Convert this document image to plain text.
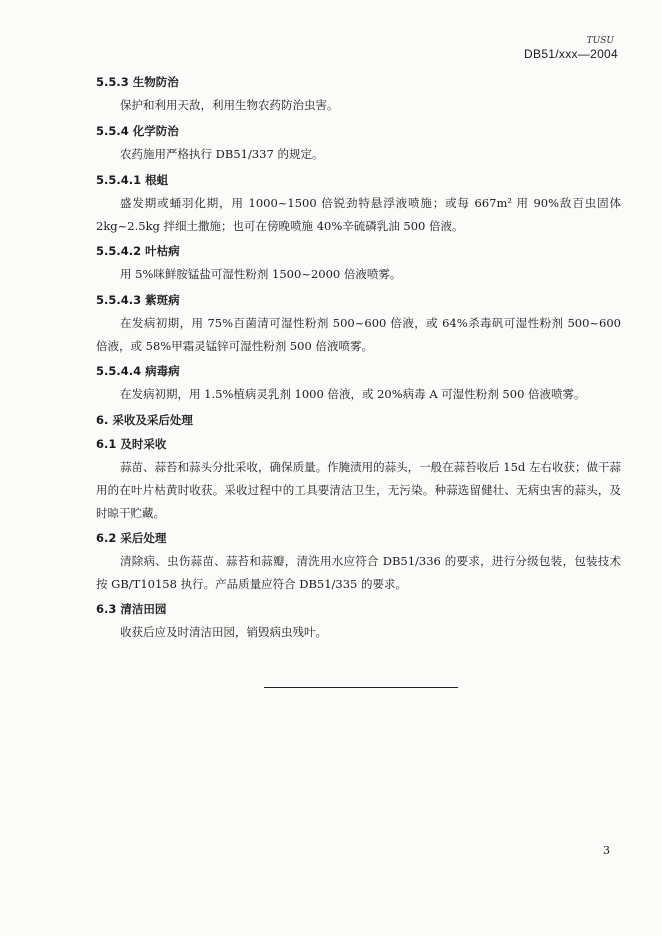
TUSU
DB51/xxx—2004
5.5.3 生物防治

保护和利用天敌，利用生物农药防治虫害。

5.5.4 化学防治

农药施用严格执行 DB51/337 的规定。

5.5.4.1 根蛆

盛发期或蛹羽化期，用 1000~1500 倍锐劲特悬浮液喷施；或每 667m² 用 90%敌百虫固体 2kg~2.5kg 拌细土撒施；也可在傍晚喷施 40%辛硫磷乳油 500 倍液。

5.5.4.2 叶枯病

用 5%咪鲜胺锰盐可湿性粉剂 1500~2000 倍液喷雾。

5.5.4.3 紫斑病

在发病初期，用 75%百菌清可湿性粉剂 500~600 倍液，或 64%杀毒矾可湿性粉剂 500~600 倍液，或 58%甲霜灵锰锌可湿性粉剂 500 倍液喷雾。

5.5.4.4 病毒病

在发病初期，用 1.5%植病灵乳剂 1000 倍液，或 20%病毒 A 可湿性粉剂 500 倍液喷雾。

6. 采收及采后处理
6.1 及时采收

蒜苗、蒜苔和蒜头分批采收，确保质量。作腌渍用的蒜头，一般在蒜苔收后 15d 左右收获；做干蒜用的在叶片枯黄时收获。采收过程中的工具要清洁卫生，无污染。种蒜选留健壮、无病虫害的蒜头，及时晾干贮藏。

6.2 采后处理

清除病、虫伤蒜苗、蒜苔和蒜瓣，清洗用水应符合 DB51/336 的要求，进行分级包装，包装技术按 GB/T10158 执行。产品质量应符合 DB51/335 的要求。

6.3 清洁田园

收获后应及时清洁田园，销毁病虫残叶。

3
